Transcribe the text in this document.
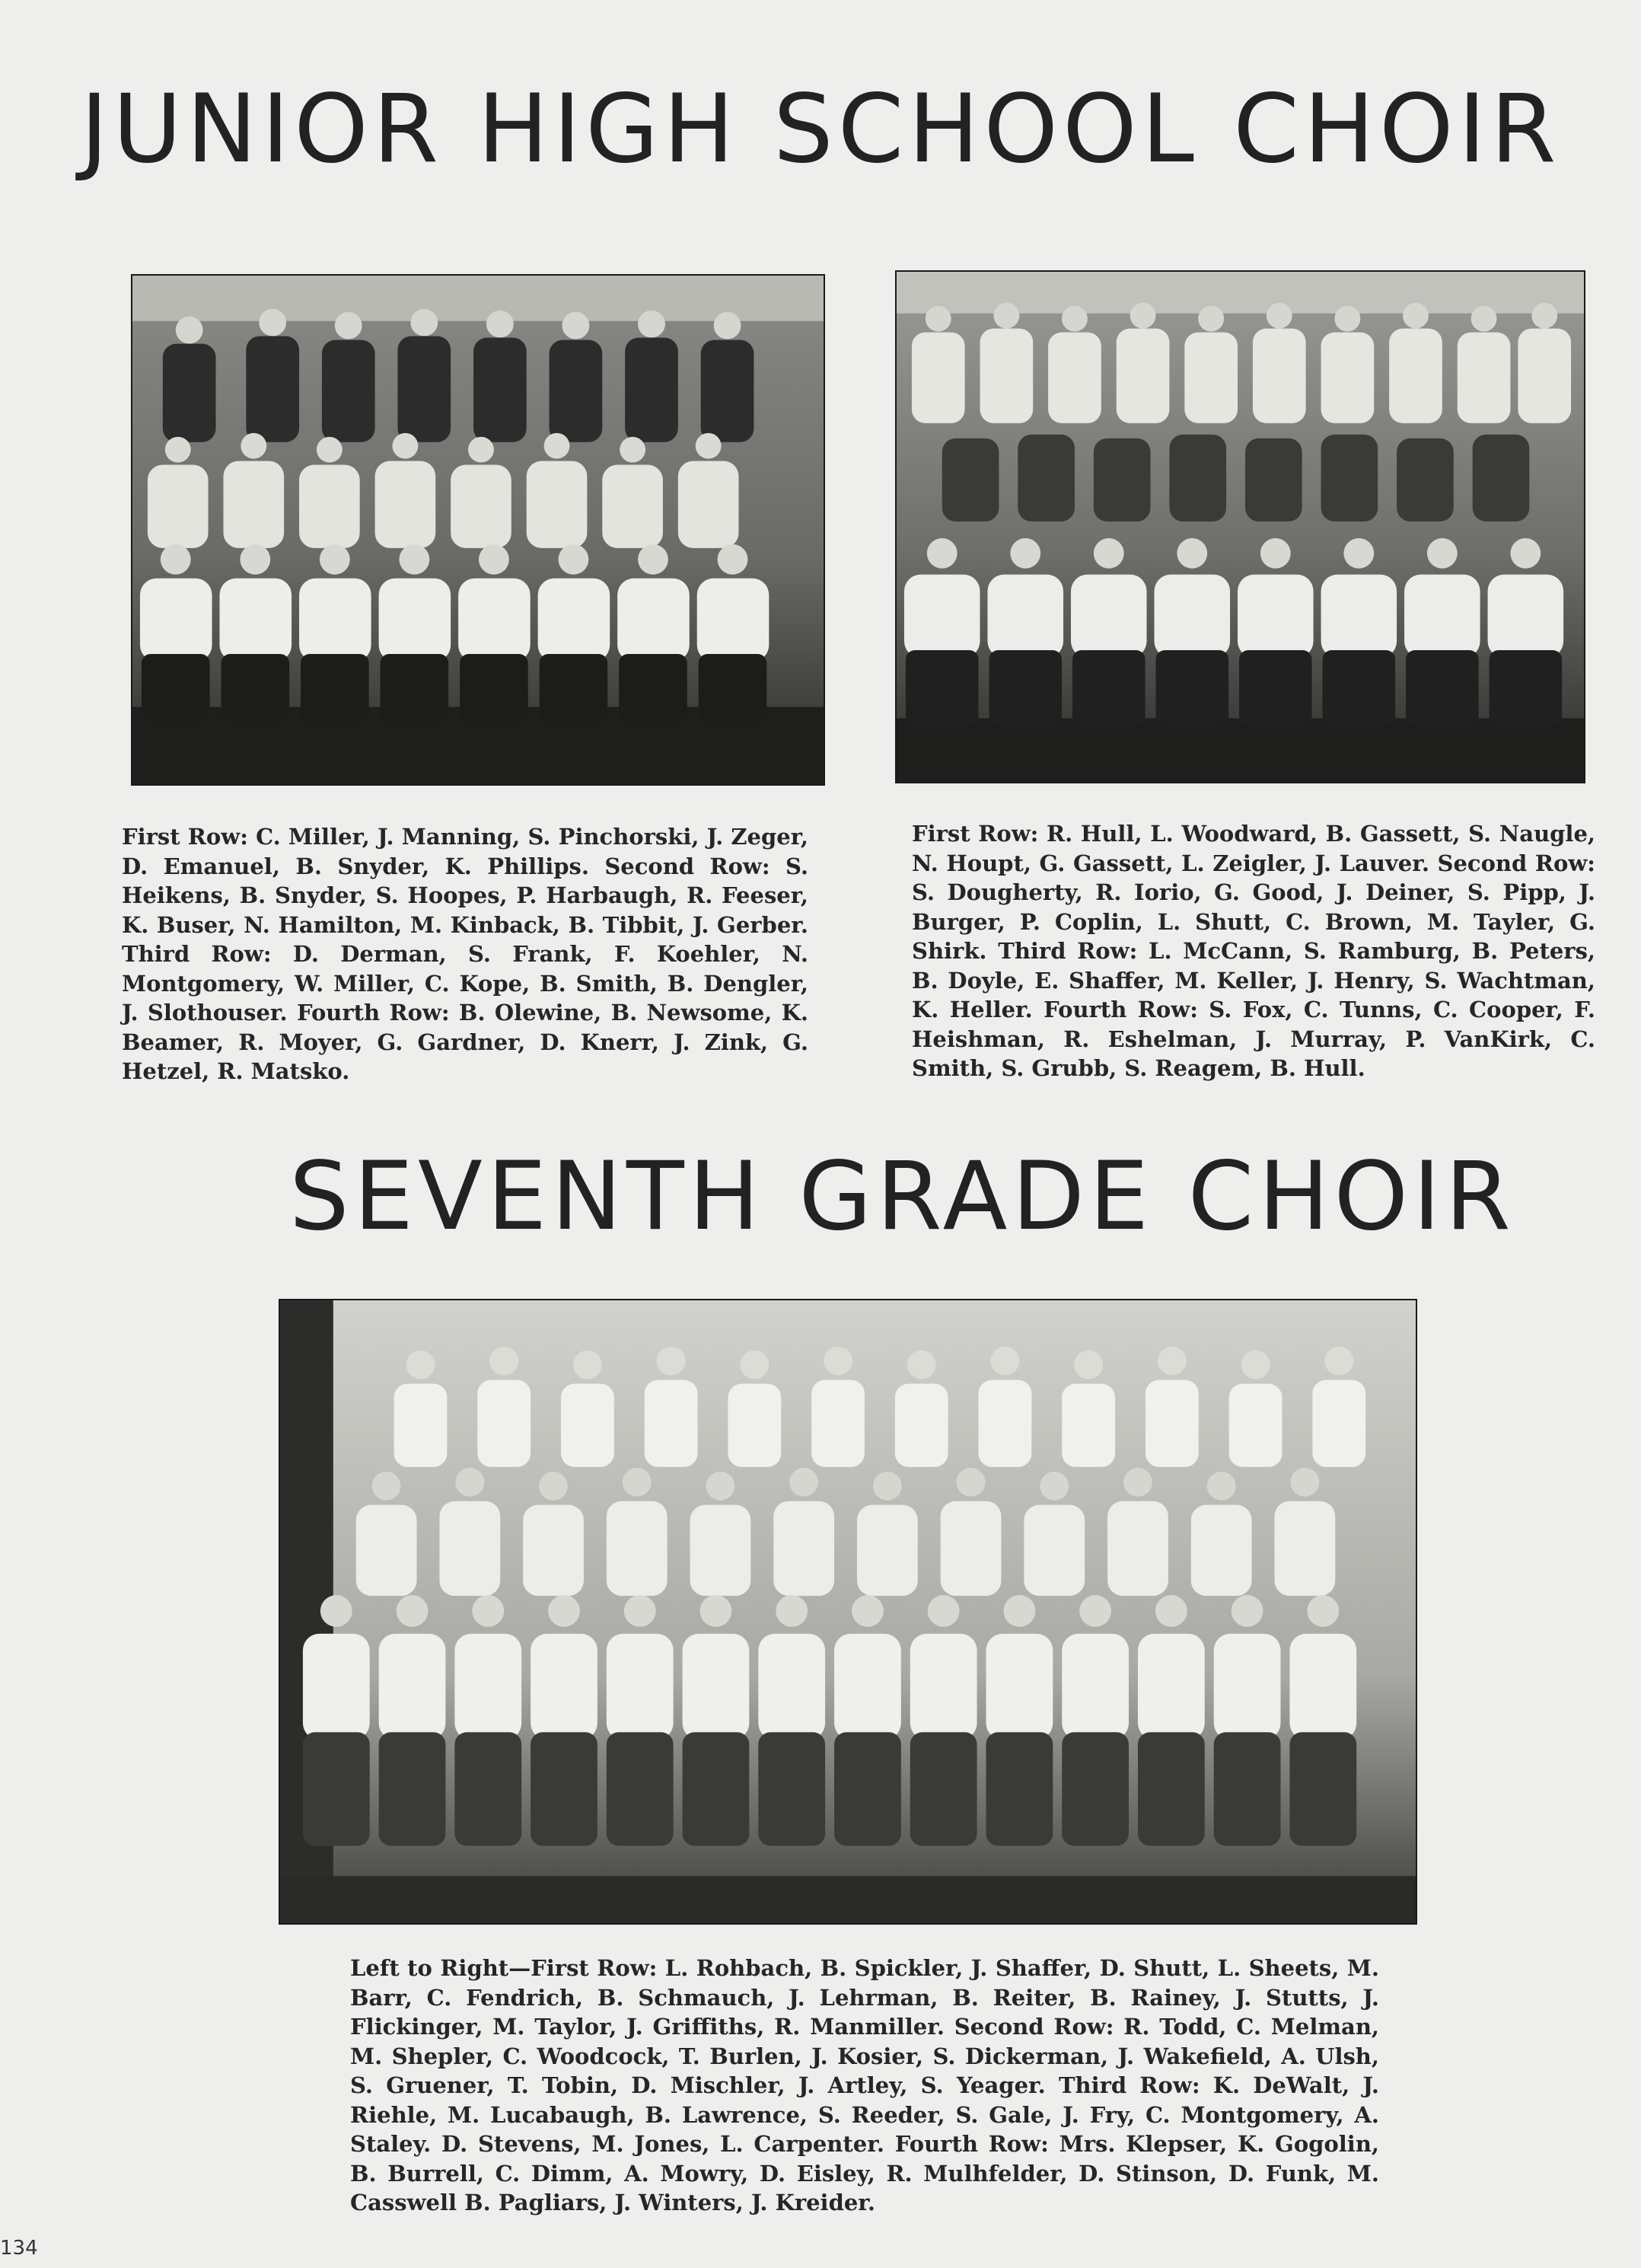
JUNIOR HIGH SCHOOL CHOIR

First Row: C. Miller, J. Manning, S. Pinchorski, J. Zeger, D. Emanuel, B. Snyder, K. Phillips. Second Row: S. Heikens, B. Snyder, S. Hoopes, P. Harbaugh, R. Feeser, K. Buser, N. Hamilton, M. Kinback, B. Tibbit, J. Gerber. Third Row: D. Derman, S. Frank, F. Koehler, N. Montgomery, W. Miller, C. Kope, B. Smith, B. Dengler, J. Slothouser. Fourth Row: B. Olewine, B. Newsome, K. Beamer, R. Moyer, G. Gardner, D. Knerr, J. Zink, G. Hetzel, R. Matsko.

First Row: R. Hull, L. Woodward, B. Gassett, S. Naugle, N. Houpt, G. Gassett, L. Zeigler, J. Lauver. Second Row: S. Dougherty, R. Iorio, G. Good, J. Deiner, S. Pipp, J. Burger, P. Coplin, L. Shutt, C. Brown, M. Tayler, G. Shirk. Third Row: L. McCann, S. Ramburg, B. Peters, B. Doyle, E. Shaffer, M. Keller, J. Henry, S. Wachtman, K. Heller. Fourth Row: S. Fox, C. Tunns, C. Cooper, F. Heishman, R. Eshelman, J. Murray, P. VanKirk, C. Smith, S. Grubb, S. Reagem, B. Hull.

SEVENTH GRADE CHOIR

Left to Right—First Row: L. Rohbach, B. Spickler, J. Shaffer, D. Shutt, L. Sheets, M. Barr, C. Fendrich, B. Schmauch, J. Lehrman, B. Reiter, B. Rainey, J. Stutts, J. Flickinger, M. Taylor, J. Griffiths, R. Manmiller. Second Row: R. Todd, C. Melman, M. Shepler, C. Woodcock, T. Burlen, J. Kosier, S. Dickerman, J. Wakefield, A. Ulsh, S. Gruener, T. Tobin, D. Mischler, J. Artley, S. Yeager. Third Row: K. DeWalt, J. Riehle, M. Lucabaugh, B. Lawrence, S. Reeder, S. Gale, J. Fry, C. Montgomery, A. Staley. D. Stevens, M. Jones, L. Carpenter. Fourth Row: Mrs. Klepser, K. Gogolin, B. Burrell, C. Dimm, A. Mowry, D. Eisley, R. Mulhfelder, D. Stinson, D. Funk, M. Casswell B. Pagliars, J. Winters, J. Kreider.

134
